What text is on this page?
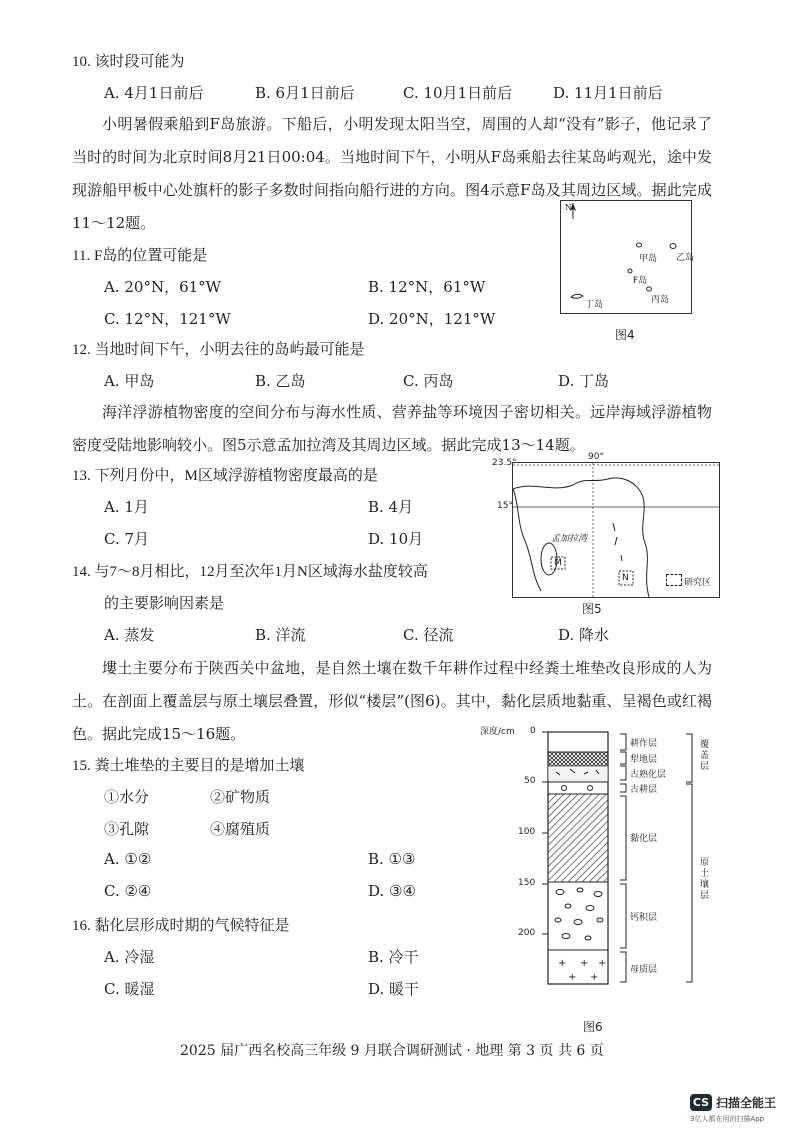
10. 该时段可能为
A. 4月1日前后	B. 6月1日前后	C. 10月1日前后	D. 11月1日前后
小明暑假乘船到F岛旅游。下船后，小明发现太阳当空，周围的人却“没有”影子，他记录了当时的时间为北京时间8月21日00:04。当地时间下午，小明从F岛乘船去往某岛屿观光，途中发现游船甲板中心处旗杆的影子多数时间指向船行进的方向。图4示意F岛及其周边区域。据此完成11～12题。
N
甲岛 乙岛
F岛
丙岛
丁岛
图4
11. F岛的位置可能是
A. 20°N，61°W	B. 12°N，61°W
C. 12°N，121°W	D. 20°N，121°W
12. 当地时间下午，小明去往的岛屿最可能是
A. 甲岛	B. 乙岛	C. 丙岛	D. 丁岛
海洋浮游植物密度的空间分布与海水性质、营养盐等环境因子密切相关。远岸海域浮游植物密度受陆地影响较小。图5示意孟加拉湾及其周边区域。据此完成13～14题。
孟加拉湾
M
N
23.5°
15°
90°
研究区
图5
13. 下列月份中，M区域浮游植物密度最高的是
A. 1月	B. 4月
C. 7月	D. 10月
14. 与7～8月相比，12月至次年1月N区域海水盐度较高
的主要影响因素是
A. 蒸发	B. 洋流	C. 径流	D. 降水
塿土主要分布于陕西关中盆地，是自然土壤在数千年耕作过程中经粪土堆垫改良形成的人为土。在剖面上覆盖层与原土壤层叠置，形似“楼层”(图6)。其中，黏化层质地黏重、呈褐色或红褐色。据此完成15～16题。
15. 粪土堆垫的主要目的是增加土壤
①水分	②矿物质
③孔隙	④腐殖质
A. ①②	B. ①③
C. ②④	D. ③④
16. 黏化层形成时期的气候特征是
A. 冷湿	B. 冷干
C. 暖湿	D. 暖干
+ + +
+ +
深度/cm 0
50
100
150
200
耕作层
犁地层
古熟化层
古耕层
黏化层
钙积层
母质层
覆盖层
原土壤层
图6
2025 届广西名校高三年级 9 月联合调研测试 · 地理 第 3 页 共 6 页
CS 扫描全能王
3亿人都在用的扫描App
